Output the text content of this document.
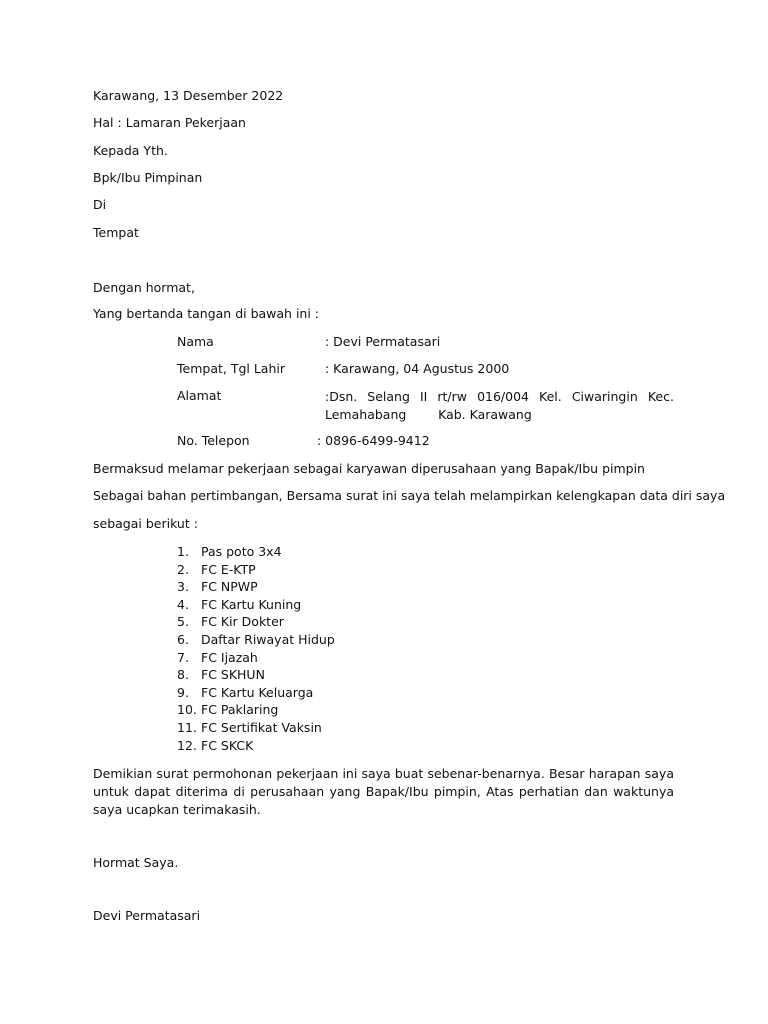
Karawang, 13 Desember 2022
Hal : Lamaran Pekerjaan
Kepada Yth.
Bpk/Ibu Pimpinan
Di
Tempat
Dengan hormat,
Yang bertanda tangan di bawah ini :
Nama	: Devi Permatasari
Tempat, Tgl Lahir	: Karawang, 04 Agustus 2000
Alamat	:Dsn. Selang II rt/rw 016/004 Kel. Ciwaringin Kec.
Lemahabang        Kab. Karawang
No. Telepon	: 0896-6499-9412
Bermaksud melamar pekerjaan sebagai karyawan diperusahaan yang Bapak/Ibu pimpin
Sebagai bahan pertimbangan, Bersama surat ini saya telah melampirkan kelengkapan data diri saya
sebagai berikut :
1. Pas poto 3x4
2. FC E-KTP
3. FC NPWP
4. FC Kartu Kuning
5. FC Kir Dokter
6. Daftar Riwayat Hidup
7. FC Ijazah
8. FC SKHUN
9. FC Kartu Keluarga
10. FC Paklaring
11. FC Sertifikat Vaksin
12. FC SKCK
Demikian surat permohonan pekerjaan ini saya buat sebenar-benarnya. Besar harapan saya untuk dapat diterima di perusahaan yang Bapak/Ibu pimpin, Atas perhatian dan waktunya saya ucapkan terimakasih.
Hormat Saya.
Devi Permatasari
